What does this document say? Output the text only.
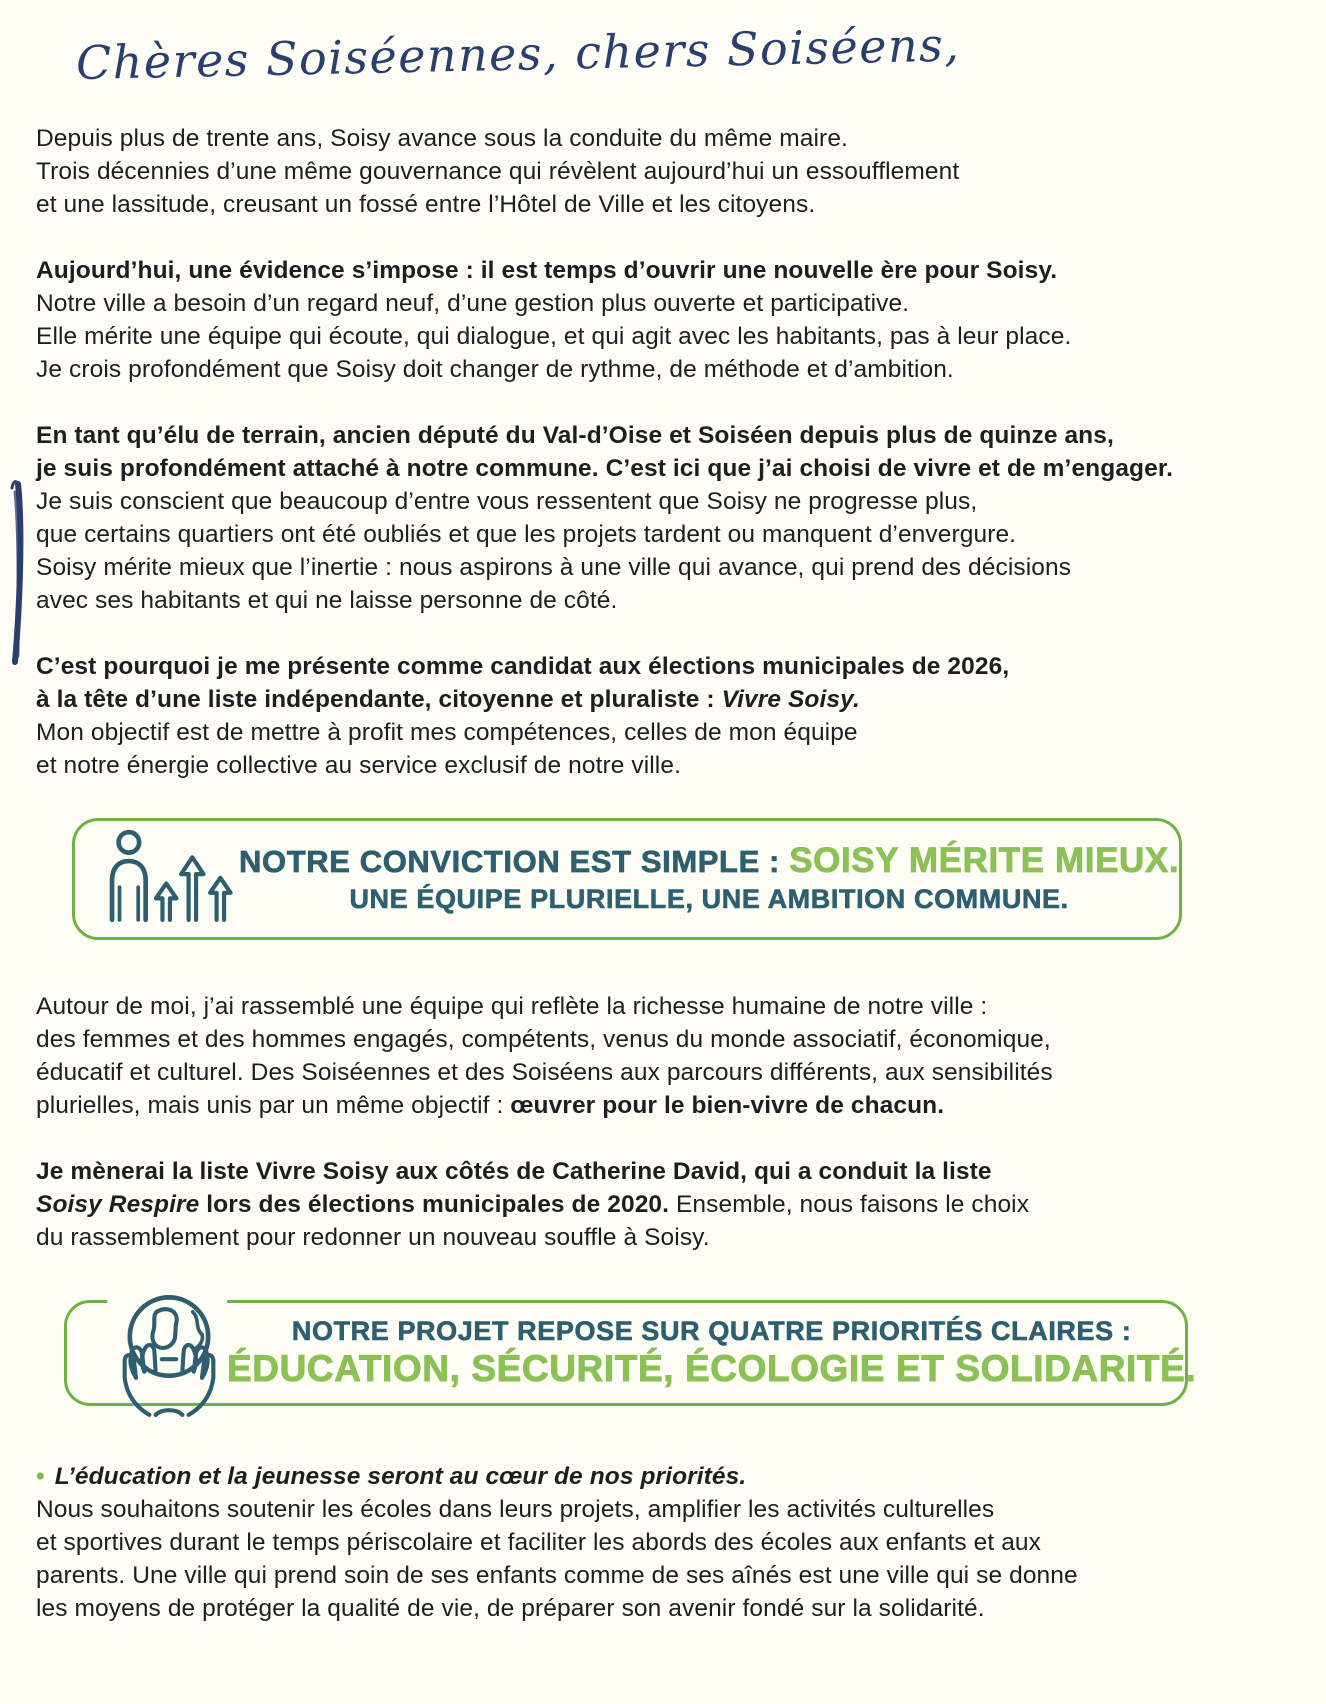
Chères Soiséennes, chers Soiséens,

Depuis plus de trente ans, Soisy avance sous la conduite du même maire.
Trois décennies d’une même gouvernance qui révèlent aujourd’hui un essoufflement
et une lassitude, creusant un fossé entre l’Hôtel de Ville et les citoyens.

Aujourd’hui, une évidence s’impose : il est temps d’ouvrir une nouvelle ère pour Soisy.
Notre ville a besoin d’un regard neuf, d’une gestion plus ouverte et participative.
Elle mérite une équipe qui écoute, qui dialogue, et qui agit avec les habitants, pas à leur place.
Je crois profondément que Soisy doit changer de rythme, de méthode et d’ambition.

En tant qu’élu de terrain, ancien député du Val-d’Oise et Soiséen depuis plus de quinze ans,
je suis profondément attaché à notre commune. C’est ici que j’ai choisi de vivre et de m’engager.
Je suis conscient que beaucoup d’entre vous ressentent que Soisy ne progresse plus,
que certains quartiers ont été oubliés et que les projets tardent ou manquent d’envergure.
Soisy mérite mieux que l’inertie : nous aspirons à une ville qui avance, qui prend des décisions
avec ses habitants et qui ne laisse personne de côté.

C’est pourquoi je me présente comme candidat aux élections municipales de 2026,
à la tête d’une liste indépendante, citoyenne et pluraliste : Vivre Soisy.
Mon objectif est de mettre à profit mes compétences, celles de mon équipe
et notre énergie collective au service exclusif de notre ville.

NOTRE CONVICTION EST SIMPLE : SOISY MÉRITE MIEUX.
UNE ÉQUIPE PLURIELLE, UNE AMBITION COMMUNE.

Autour de moi, j’ai rassemblé une équipe qui reflète la richesse humaine de notre ville :
des femmes et des hommes engagés, compétents, venus du monde associatif, économique,
éducatif et culturel. Des Soiséennes et des Soiséens aux parcours différents, aux sensibilités
plurielles, mais unis par un même objectif : œuvrer pour le bien-vivre de chacun.

Je mènerai la liste Vivre Soisy aux côtés de Catherine David, qui a conduit la liste
Soisy Respire lors des élections municipales de 2020. Ensemble, nous faisons le choix
du rassemblement pour redonner un nouveau souffle à Soisy.

NOTRE PROJET REPOSE SUR QUATRE PRIORITÉS CLAIRES :
ÉDUCATION, SÉCURITÉ, ÉCOLOGIE ET SOLIDARITÉ.

• L’éducation et la jeunesse seront au cœur de nos priorités.
Nous souhaitons soutenir les écoles dans leurs projets, amplifier les activités culturelles
et sportives durant le temps périscolaire et faciliter les abords des écoles aux enfants et aux
parents. Une ville qui prend soin de ses enfants comme de ses aînés est une ville qui se donne
les moyens de protéger la qualité de vie, de préparer son avenir fondé sur la solidarité.
